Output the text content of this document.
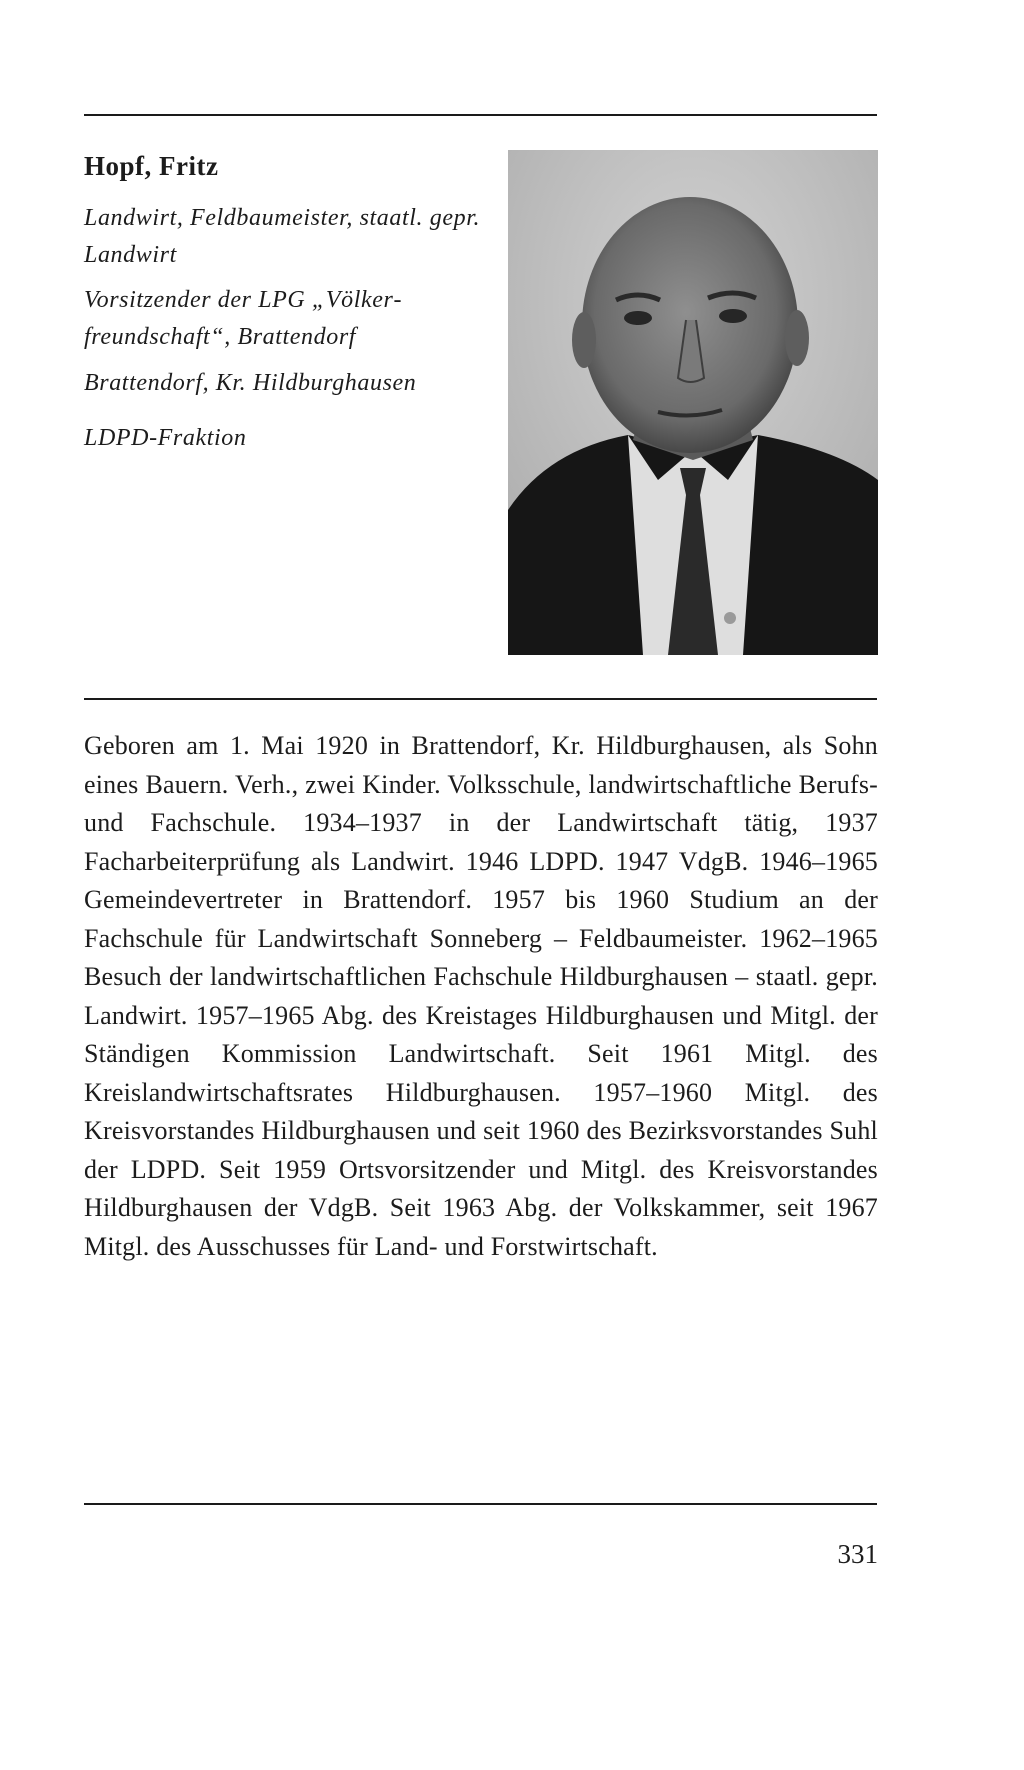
Hopf, Fritz

Landwirt, Feldbaumeister, staatl. gepr. Landwirt

Vorsitzender der LPG „Völkerfreundschaft“, Brattendorf

Brattendorf, Kr. Hildburghausen

LDPD-Fraktion

Geboren am 1. Mai 1920 in Brattendorf, Kr. Hildburghausen, als Sohn eines Bauern. Verh., zwei Kinder. Volksschule, landwirtschaftliche Berufs- und Fachschule. 1934–1937 in der Landwirtschaft tätig, 1937 Facharbeiterprüfung als Landwirt. 1946 LDPD. 1947 VdgB. 1946–1965 Gemeindevertreter in Brattendorf. 1957 bis 1960 Studium an der Fachschule für Landwirtschaft Sonneberg – Feldbaumeister. 1962–1965 Besuch der landwirtschaftlichen Fachschule Hildburghausen – staatl. gepr. Landwirt. 1957–1965 Abg. des Kreistages Hildburghausen und Mitgl. der Ständigen Kommission Landwirtschaft. Seit 1961 Mitgl. des Kreislandwirtschaftsrates Hildburghausen. 1957–1960 Mitgl. des Kreisvorstandes Hildburghausen und seit 1960 des Bezirksvorstandes Suhl der LDPD. Seit 1959 Ortsvorsitzender und Mitgl. des Kreisvorstandes Hildburghausen der VdgB. Seit 1963 Abg. der Volkskammer, seit 1967 Mitgl. des Ausschusses für Land- und Forstwirtschaft.

331
